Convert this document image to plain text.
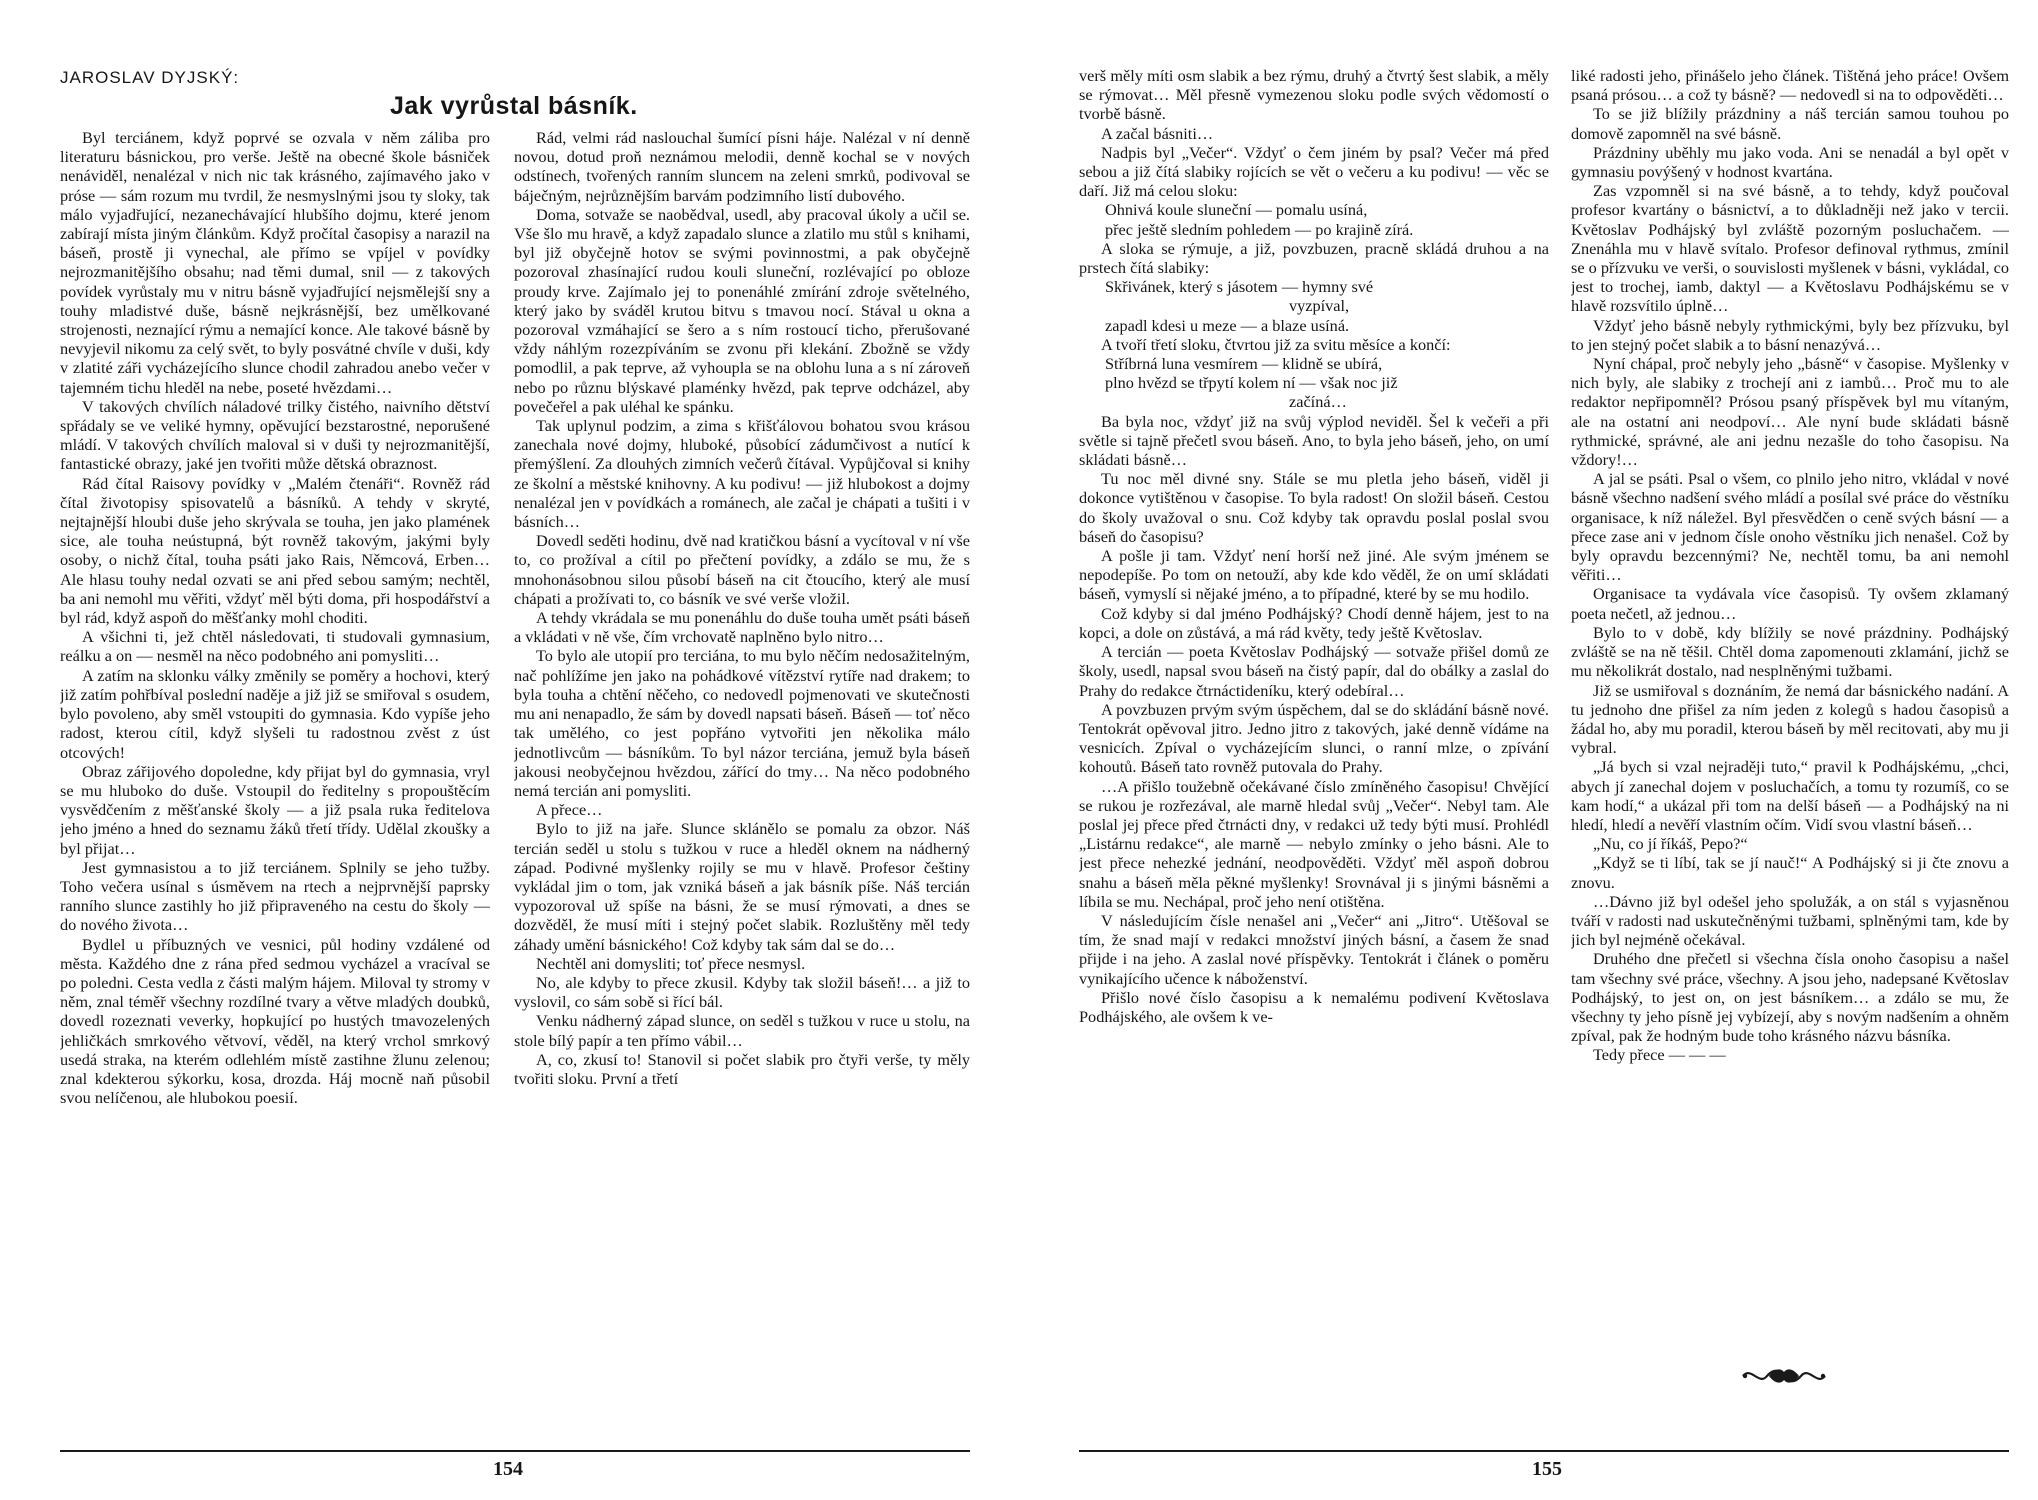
JAROSLAV DYJSKÝ:
Jak vyrůstal básník.

Byl terciánem, když poprvé se ozvala v něm záliba pro literaturu básnickou, pro verše. Ještě na obecné škole básniček nenáviděl, nenalézal v nich nic tak krásného, zajímavého jako v próse — sám rozum mu tvrdil, že nesmyslnými jsou ty sloky, tak málo vyjadřující, nezanechávající hlubšího dojmu, které jenom zabírají místa jiným článkům. Když pročítal časopisy a narazil na báseň, prostě ji vynechal, ale přímo se vpíjel v povídky nejrozmanitějšího obsahu; nad těmi dumal, snil — z takových povídek vyrůstaly mu v nitru básně vyjadřující nejsmělejší sny a touhy mladistvé duše, básně nejkrásnější, bez umělkované strojenosti, neznající rýmu a nemající konce. Ale takové básně by nevyjevil nikomu za celý svět, to byly posvátné chvíle v duši, kdy v zlatité záři vycházejícího slunce chodil zahradou anebo večer v tajemném tichu hleděl na nebe, poseté hvězdami…

V takových chvílích náladové trilky čistého, naivního dětství spřádaly se ve veliké hymny, opěvující bezstarostné, neporušené mládí. V takových chvílích maloval si v duši ty nejrozmanitější, fantastické obrazy, jaké jen tvořiti může dětská obraznost.

Rád čítal Raisovy povídky v „Malém čtenáři“. Rovněž rád čítal životopisy spisovatelů a básníků. A tehdy v skryté, nejtajnější hloubi duše jeho skrývala se touha, jen jako plamének sice, ale touha neústupná, být rovněž takovým, jakými byly osoby, o nichž čítal, touha psáti jako Rais, Němcová, Erben… Ale hlasu touhy nedal ozvati se ani před sebou samým; nechtěl, ba ani nemohl mu věřiti, vždyť měl býti doma, při hospodářství a byl rád, když aspoň do měšťanky mohl choditi.

A všichni ti, jež chtěl následovati, ti studovali gymnasium, reálku a on — nesměl na něco podobného ani pomysliti…

A zatím na sklonku války změnily se poměry a hochovi, který již zatím pohřbíval poslední naděje a již již se smiřoval s osudem, bylo povoleno, aby směl vstoupiti do gymnasia. Kdo vypíše jeho radost, kterou cítil, když slyšeli tu radostnou zvěst z úst otcových!

Obraz zářijového dopoledne, kdy přijat byl do gymnasia, vryl se mu hluboko do duše. Vstoupil do ředitelny s propouštěcím vysvědčením z měšťanské školy — a již psala ruka ředitelova jeho jméno a hned do seznamu žáků třetí třídy. Udělal zkoušky a byl přijat…

Jest gymnasistou a to již terciánem. Splnily se jeho tužby. Toho večera usínal s úsměvem na rtech a nejprvnější paprsky ranního slunce zastihly ho již připraveného na cestu do školy — do nového života…

Bydlel u příbuzných ve vesnici, půl hodiny vzdálené od města. Každého dne z rána před sedmou vycházel a vracíval se po poledni. Cesta vedla z části malým hájem. Miloval ty stromy v něm, znal téměř všechny rozdílné tvary a větve mladých doubků, dovedl rozeznati veverky, hopkující po hustých tmavozelených jehličkách smrkového větvoví, věděl, na který vrchol smrkový usedá straka, na kterém odlehlém místě zastihne žlunu zelenou; znal kdekterou sýkorku, kosa, drozda. Háj mocně naň působil svou nelíčenou, ale hlubokou poesií.

Rád, velmi rád naslouchal šumící písni háje. Nalézal v ní denně novou, dotud proň neznámou melodii, denně kochal se v nových odstínech, tvořených ranním sluncem na zeleni smrků, podivoval se báječným, nejrůznějším barvám podzimního listí dubového.

Doma, sotvaže se naobědval, usedl, aby pracoval úkoly a učil se. Vše šlo mu hravě, a když zapadalo slunce a zlatilo mu stůl s knihami, byl již obyčejně hotov se svými povinnostmi, a pak obyčejně pozoroval zhasínající rudou kouli sluneční, rozlévající po obloze proudy krve. Zajímalo jej to ponenáhlé zmírání zdroje světelného, který jako by sváděl krutou bitvu s tmavou nocí. Stával u okna a pozoroval vzmáhající se šero a s ním rostoucí ticho, přerušované vždy náhlým rozezpíváním se zvonu při klekání. Zbožně se vždy pomodlil, a pak teprve, až vyhoupla se na oblohu luna a s ní zároveň nebo po různu blýskavé plaménky hvězd, pak teprve odcházel, aby povečeřel a pak uléhal ke spánku.

Tak uplynul podzim, a zima s křišťálovou bohatou svou krásou zanechala nové dojmy, hluboké, působící zádumčivost a nutící k přemýšlení. Za dlouhých zimních večerů čítával. Vypůjčoval si knihy ze školní a městské knihovny. A ku podivu! — již hlubokost a dojmy nenalézal jen v povídkách a románech, ale začal je chápati a tušiti i v básních…

Dovedl seděti hodinu, dvě nad kratičkou básní a vycítoval v ní vše to, co prožíval a cítil po přečtení povídky, a zdálo se mu, že s mnohonásobnou silou působí báseň na cit čtoucího, který ale musí chápati a prožívati to, co básník ve své verše vložil.

A tehdy vkrádala se mu ponenáhlu do duše touha umět psáti báseň a vkládati v ně vše, čím vrchovatě naplněno bylo nitro…

To bylo ale utopií pro terciána, to mu bylo něčím nedosažitelným, nač pohlížíme jen jako na pohádkové vítězství rytíře nad drakem; to byla touha a chtění něčeho, co nedovedl pojmenovati ve skutečnosti mu ani nenapadlo, že sám by dovedl napsati báseň. Báseň — toť něco tak umělého, co jest popřáno vytvořiti jen několika málo jednotlivcům — básníkům. To byl názor terciána, jemuž byla báseň jakousi neobyčejnou hvězdou, zářící do tmy… Na něco podobného nemá tercián ani pomysliti.

A přece…

Bylo to již na jaře. Slunce sklánělo se pomalu za obzor. Náš tercián seděl u stolu s tužkou v ruce a hleděl oknem na nádherný západ. Podivné myšlenky rojily se mu v hlavě. Profesor češtiny vykládal jim o tom, jak vzniká báseň a jak básník píše. Náš tercián vypozoroval už spíše na básni, že se musí rýmovati, a dnes se dozvěděl, že musí míti i stejný počet slabik. Rozluštěny měl tedy záhady umění básnického! Což kdyby tak sám dal se do…

Nechtěl ani domysliti; toť přece nesmysl.

No, ale kdyby to přece zkusil. Kdyby tak složil báseň!… a již to vyslovil, co sám sobě si řící bál.

Venku nádherný západ slunce, on seděl s tužkou v ruce u stolu, na stole bílý papír a ten přímo vábil…

A, co, zkusí to! Stanovil si počet slabik pro čtyři verše, ty měly tvořiti sloku. První a třetí

154

verš měly míti osm slabik a bez rýmu, druhý a čtvrtý šest slabik, a měly se rýmovat… Měl přesně vymezenou sloku podle svých vědomostí o tvorbě básně.

A začal básniti…

Nadpis byl „Večer“. Vždyť o čem jiném by psal? Večer má před sebou a již čítá slabiky rojících se vět o večeru a ku podivu! — věc se daří. Již má celou sloku:

Ohnivá koule sluneční — pomalu usíná,

přec ještě sledním pohledem — po krajině zírá.

A sloka se rýmuje, a již, povzbuzen, pracně skládá druhou a na prstech čítá slabiky:

Skřivánek, který s jásotem — hymny své

vyzpíval,

zapadl kdesi u meze — a blaze usíná.

A tvoří třetí sloku, čtvrtou již za svitu měsíce a končí:

Stříbrná luna vesmírem — klidně se ubírá,

plno hvězd se třpytí kolem ní — však noc již

začíná…

Ba byla noc, vždyť již na svůj výplod neviděl. Šel k večeři a při světle si tajně přečetl svou báseň. Ano, to byla jeho báseň, jeho, on umí skládati básně…

Tu noc měl divné sny. Stále se mu pletla jeho báseň, viděl ji dokonce vytištěnou v časopise. To byla radost! On složil báseň. Cestou do školy uvažoval o snu. Což kdyby tak opravdu poslal poslal svou báseň do časopisu?

A pošle ji tam. Vždyť není horší než jiné. Ale svým jménem se nepodepíše. Po tom on netouží, aby kde kdo věděl, že on umí skládati báseň, vymyslí si nějaké jméno, a to případné, které by se mu hodilo.

Což kdyby si dal jméno Podhájský? Chodí denně hájem, jest to na kopci, a dole on zůstává, a má rád květy, tedy ještě Květoslav.

A tercián — poeta Květoslav Podhájský — sotvaže přišel domů ze školy, usedl, napsal svou báseň na čistý papír, dal do obálky a zaslal do Prahy do redakce čtrnáctideníku, který odebíral…

A povzbuzen prvým svým úspěchem, dal se do skládání básně nové. Tentokrát opěvoval jitro. Jedno jitro z takových, jaké denně vídáme na vesnicích. Zpíval o vycházejícím slunci, o ranní mlze, o zpívání kohoutů. Báseň tato rovněž putovala do Prahy.

…A přišlo toužebně očekávané číslo zmíněného časopisu! Chvějící se rukou je rozřezával, ale marně hledal svůj „Večer“. Nebyl tam. Ale poslal jej přece před čtrnácti dny, v redakci už tedy býti musí. Prohlédl „Listárnu redakce“, ale marně — nebylo zmínky o jeho básni. Ale to jest přece nehezké jednání, neodpověděti. Vždyť měl aspoň dobrou snahu a báseň měla pěkné myšlenky! Srovnával ji s jinými básněmi a líbila se mu. Nechápal, proč jeho není otištěna.

V následujícím čísle nenašel ani „Večer“ ani „Jitro“. Utěšoval se tím, že snad mají v redakci množství jiných básní, a časem že snad přijde i na jeho. A zaslal nové příspěvky. Tentokrát i článek o poměru vynikajícího učence k náboženství.

Přišlo nové číslo časopisu a k nemalému podivení Květoslava Podhájského, ale ovšem k ve-

liké radosti jeho, přinášelo jeho článek. Tištěná jeho práce! Ovšem psaná prósou… a což ty básně? — nedovedl si na to odpověděti…

To se již blížily prázdniny a náš tercián samou touhou po domově zapomněl na své básně.

Prázdniny uběhly mu jako voda. Ani se nenadál a byl opět v gymnasiu povýšený v hodnost kvartána.

Zas vzpomněl si na své básně, a to tehdy, když poučoval profesor kvartány o básnictví, a to důkladněji než jako v tercii. Květoslav Podhájský byl zvláště pozorným posluchačem. — Znenáhla mu v hlavě svítalo. Profesor definoval rythmus, zmínil se o přízvuku ve verši, o souvislosti myšlenek v básni, vykládal, co jest to trochej, iamb, daktyl — a Květoslavu Podhájskému se v hlavě rozsvítilo úplně…

Vždyť jeho básně nebyly rythmickými, byly bez přízvuku, byl to jen stejný počet slabik a to básní nenazývá…

Nyní chápal, proč nebyly jeho „básně“ v časopise. Myšlenky v nich byly, ale slabiky z trochejí ani z iambů… Proč mu to ale redaktor nepřipomněl? Prósou psaný příspěvek byl mu vítaným, ale na ostatní ani neodpoví… Ale nyní bude skládati básně rythmické, správné, ale ani jednu nezašle do toho časopisu. Na vždory!…

A jal se psáti. Psal o všem, co plnilo jeho nitro, vkládal v nové básně všechno nadšení svého mládí a posílal své práce do věstníku organisace, k níž náležel. Byl přesvědčen o ceně svých básní — a přece zase ani v jednom čísle onoho věstníku jich nenašel. Což by byly opravdu bezcennými? Ne, nechtěl tomu, ba ani nemohl věřiti…

Organisace ta vydávala více časopisů. Ty ovšem zklamaný poeta nečetl, až jednou…

Bylo to v době, kdy blížily se nové prázdniny. Podhájský zvláště se na ně těšil. Chtěl doma zapomenouti zklamání, jichž se mu několikrát dostalo, nad nesplněnými tužbami.

Již se usmiřoval s doznáním, že nemá dar básnického nadání. A tu jednoho dne přišel za ním jeden z kolegů s hadou časopisů a žádal ho, aby mu poradil, kterou báseň by měl recitovati, aby mu ji vybral.

„Já bych si vzal nejraději tuto,“ pravil k Podhájskému, „chci, abych jí zanechal dojem v posluchačích, a tomu ty rozumíš, co se kam hodí,“ a ukázal při tom na delší báseň — a Podhájský na ni hledí, hledí a nevěří vlastním očím. Vidí svou vlastní báseň…

„Nu, co jí říkáš, Pepo?“

„Když se ti líbí, tak se jí nauč!“ A Podhájský si ji čte znovu a znovu.

…Dávno již byl odešel jeho spolužák, a on stál s vyjasněnou tváří v radosti nad uskutečněnými tužbami, splněnými tam, kde by jich byl nejméně očekával.

Druhého dne přečetl si všechna čísla onoho časopisu a našel tam všechny své práce, všechny. A jsou jeho, nadepsané Květoslav Podhájský, to jest on, on jest básníkem… a zdálo se mu, že všechny ty jeho písně jej vybízejí, aby s novým nadšením a ohněm zpíval, pak že hodným bude toho krásného názvu básníka.

Tedy přece — — —

155
